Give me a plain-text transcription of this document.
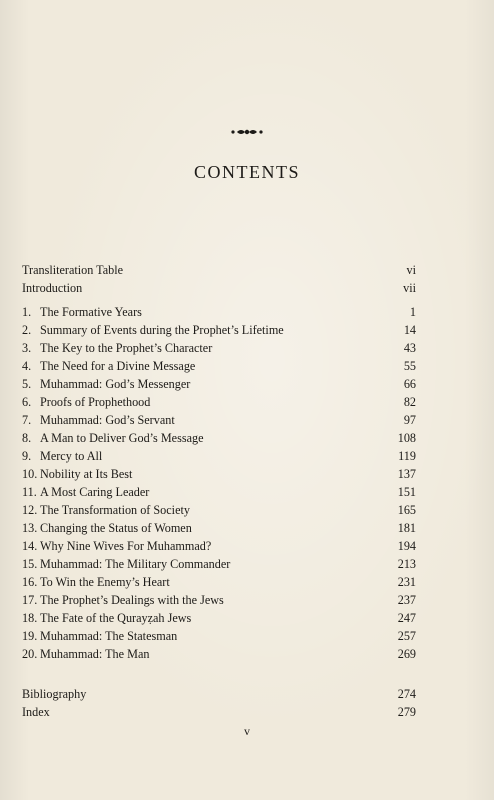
CONTENTS
Transliteration Table	vi
Introduction	vii
1. The Formative Years	1
2. Summary of Events during the Prophet’s Lifetime	14
3. The Key to the Prophet’s Character	43
4. The Need for a Divine Message	55
5. Muhammad: God’s Messenger	66
6. Proofs of Prophethood	82
7. Muhammad: God’s Servant	97
8. A Man to Deliver God’s Message	108
9. Mercy to All	119
10. Nobility at Its Best	137
11. A Most Caring Leader	151
12. The Transformation of Society	165
13. Changing the Status of Women	181
14. Why Nine Wives For Muhammad?	194
15. Muhammad: The Military Commander	213
16. To Win the Enemy’s Heart	231
17. The Prophet’s Dealings with the Jews	237
18. The Fate of the Qurayẓah Jews	247
19. Muhammad: The Statesman	257
20. Muhammad: The Man	269
Bibliography	274
Index	279
v
